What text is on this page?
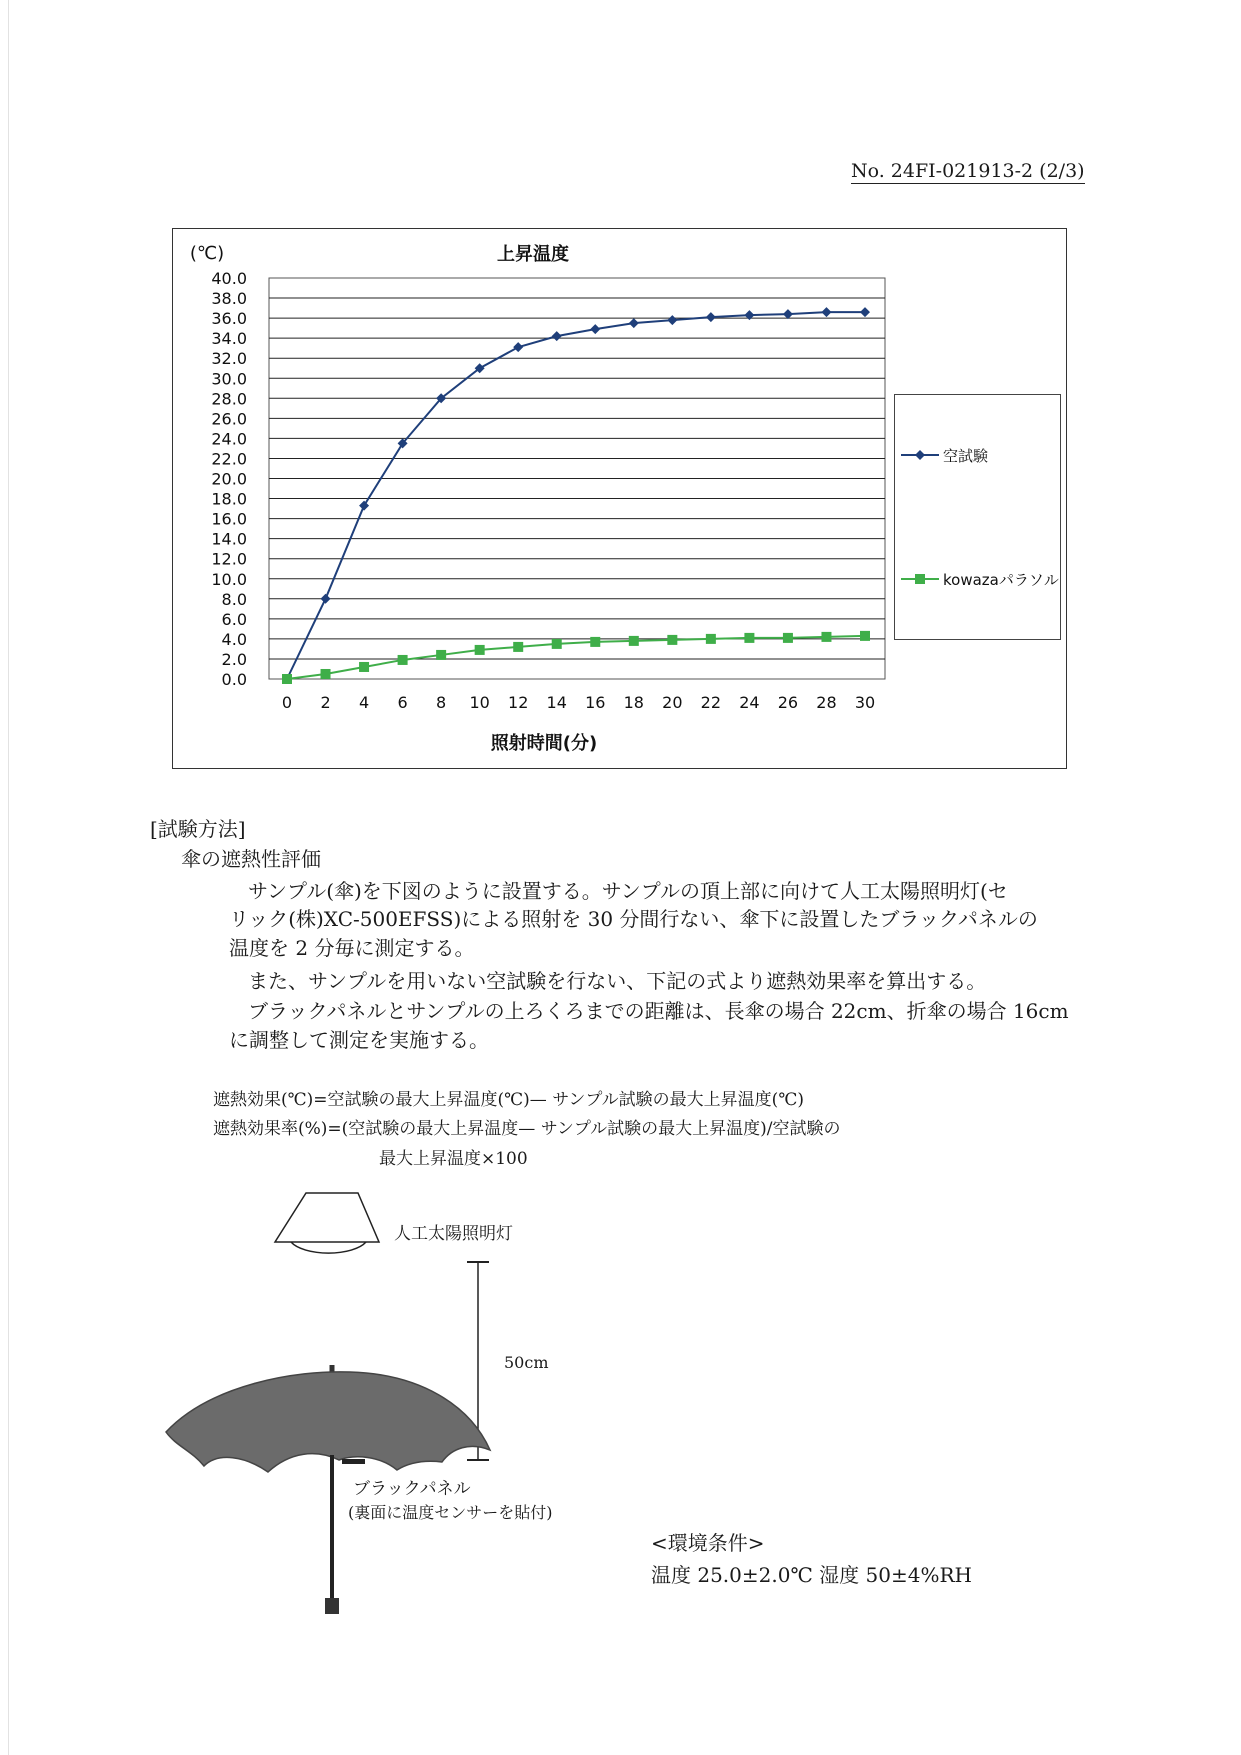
No. 24FI-021913-2 (2/3)
0.0
2.0
4.0
6.0
8.0
10.0
12.0
14.0
16.0
18.0
20.0
22.0
24.0
26.0
28.0
30.0
32.0
34.0
36.0
38.0
40.0
0 2 4 6 8 10 12 14 16 18 20 22 24 26 28 30
上昇温度
(℃)
照射時間(分)
空試験
kowazaパラソル
[試験方法]
傘の遮熱性評価
サンプル(傘)を下図のように設置する。サンプルの頂上部に向けて人工太陽照明灯(セ
リック(株)XC-500EFSS)による照射を 30 分間行ない、傘下に設置したブラックパネルの
温度を 2 分毎に測定する。
また、サンプルを用いない空試験を行ない、下記の式より遮熱効果率を算出する。
ブラックパネルとサンプルの上ろくろまでの距離は、長傘の場合 22cm、折傘の場合 16cm
に調整して測定を実施する。
遮熱効果(℃)=空試験の最大上昇温度(℃)— サンプル試験の最大上昇温度(℃)
遮熱効果率(%)=(空試験の最大上昇温度— サンプル試験の最大上昇温度)/空試験の
最大上昇温度×100
人工太陽照明灯
50cm
ブラックパネル
(裏面に温度センサーを貼付)
<環境条件>
温度 25.0±2.0℃ 湿度 50±4%RH
